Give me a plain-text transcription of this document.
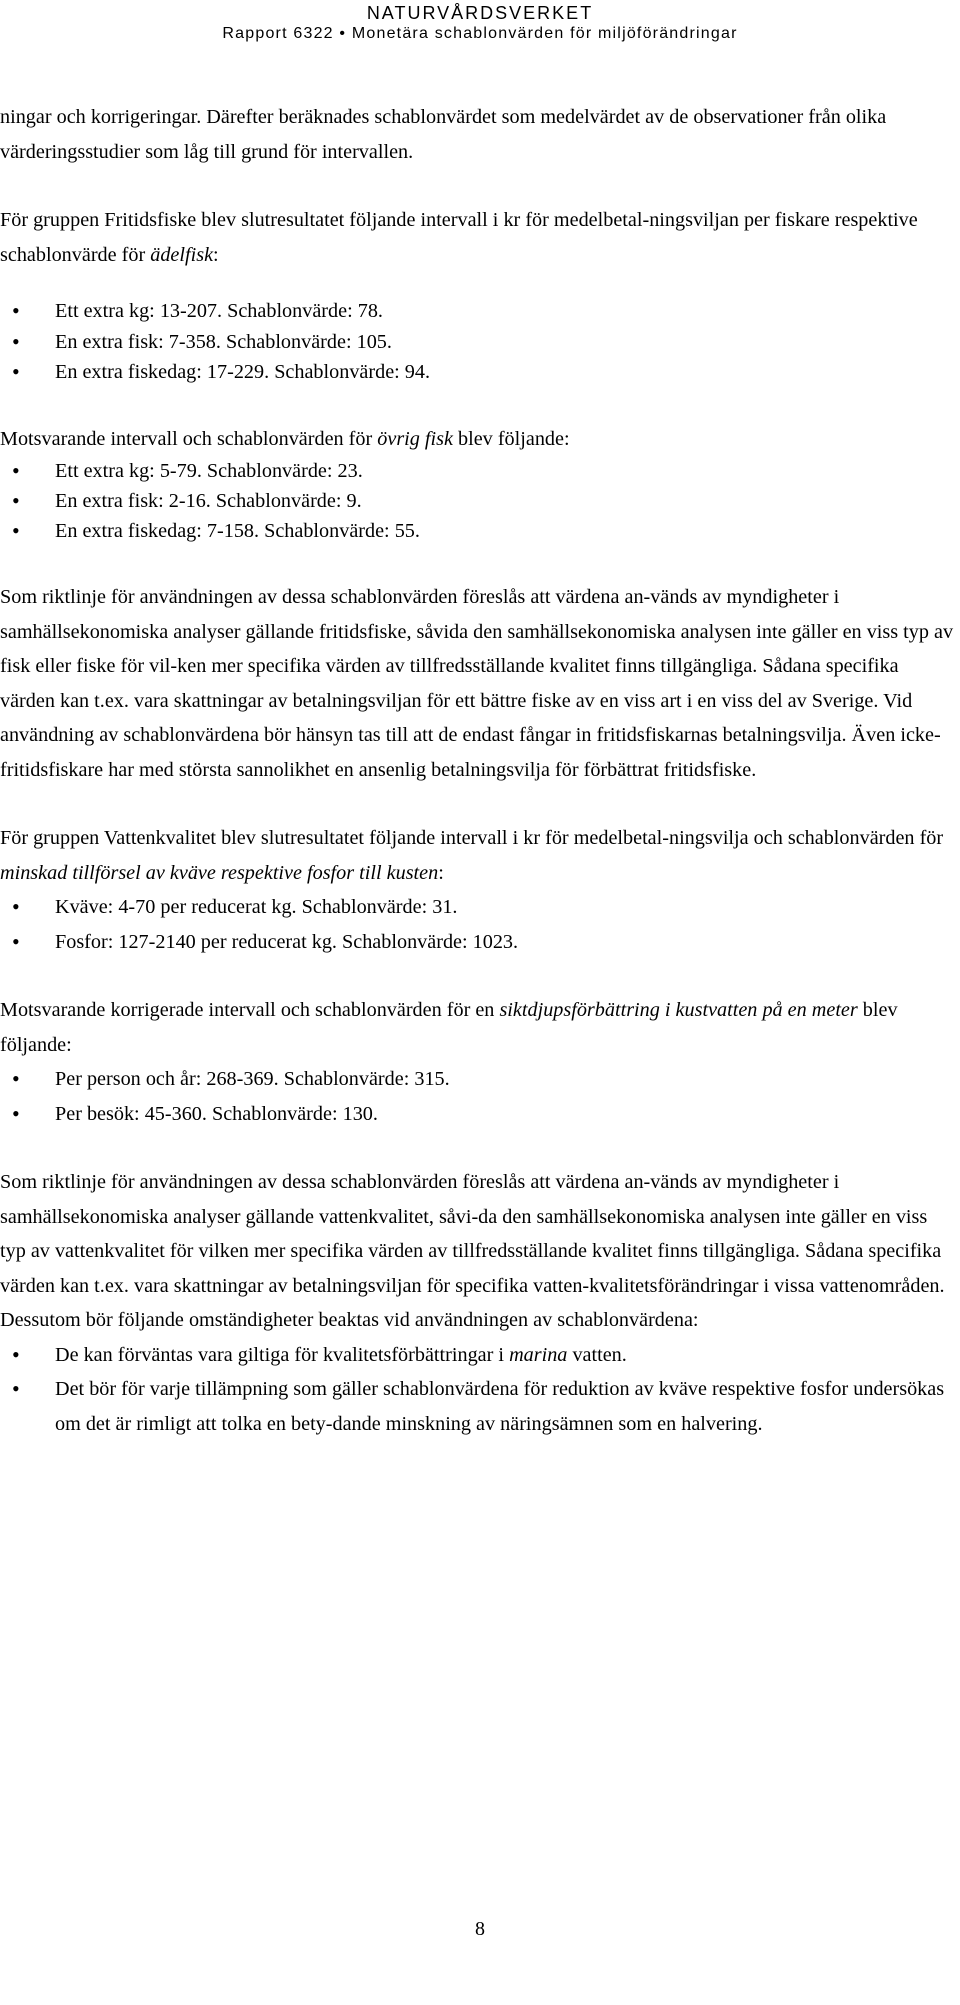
NATURVÅRDSVERKET
Rapport 6322 • Monetära schablonvärden för miljöförändringar

ningar och korrigeringar. Därefter beräknades schablonvärdet som medelvärdet av de observationer från olika värderingsstudier som låg till grund för intervallen.

För gruppen Fritidsfiske blev slutresultatet följande intervall i kr för medelbetal-ningsviljan per fiskare respektive schablonvärde för ädelfisk:

• Ett extra kg: 13-207. Schablonvärde: 78.
• En extra fisk: 7-358. Schablonvärde: 105.
• En extra fiskedag: 17-229. Schablonvärde: 94.

Motsvarande intervall och schablonvärden för övrig fisk blev följande:

• Ett extra kg: 5-79. Schablonvärde: 23.
• En extra fisk: 2-16. Schablonvärde: 9.
• En extra fiskedag: 7-158. Schablonvärde: 55.

Som riktlinje för användningen av dessa schablonvärden föreslås att värdena an-vänds av myndigheter i samhällsekonomiska analyser gällande fritidsfiske, såvida den samhällsekonomiska analysen inte gäller en viss typ av fisk eller fiske för vil-ken mer specifika värden av tillfredsställande kvalitet finns tillgängliga. Sådana specifika värden kan t.ex. vara skattningar av betalningsviljan för ett bättre fiske av en viss art i en viss del av Sverige. Vid användning av schablonvärdena bör hänsyn tas till att de endast fångar in fritidsfiskarnas betalningsvilja. Även icke-fritidsfiskare har med största sannolikhet en ansenlig betalningsvilja för förbättrat fritidsfiske.

För gruppen Vattenkvalitet blev slutresultatet följande intervall i kr för medelbetal-ningsvilja och schablonvärden för minskad tillförsel av kväve respektive fosfor till kusten:

• Kväve: 4-70 per reducerat kg. Schablonvärde: 31.
• Fosfor: 127-2140 per reducerat kg. Schablonvärde: 1023.

Motsvarande korrigerade intervall och schablonvärden för en siktdjupsförbättring i kustvatten på en meter blev följande:

• Per person och år: 268-369. Schablonvärde: 315.
• Per besök: 45-360. Schablonvärde: 130.

Som riktlinje för användningen av dessa schablonvärden föreslås att värdena an-vänds av myndigheter i samhällsekonomiska analyser gällande vattenkvalitet, såvi-da den samhällsekonomiska analysen inte gäller en viss typ av vattenkvalitet för vilken mer specifika värden av tillfredsställande kvalitet finns tillgängliga. Sådana specifika värden kan t.ex. vara skattningar av betalningsviljan för specifika vatten-kvalitetsförändringar i vissa vattenområden. Dessutom bör följande omständigheter beaktas vid användningen av schablonvärdena:

• De kan förväntas vara giltiga för kvalitetsförbättringar i marina vatten.
• Det bör för varje tillämpning som gäller schablonvärdena för reduktion av kväve respektive fosfor undersökas om det är rimligt att tolka en bety-dande minskning av näringsämnen som en halvering.
8
